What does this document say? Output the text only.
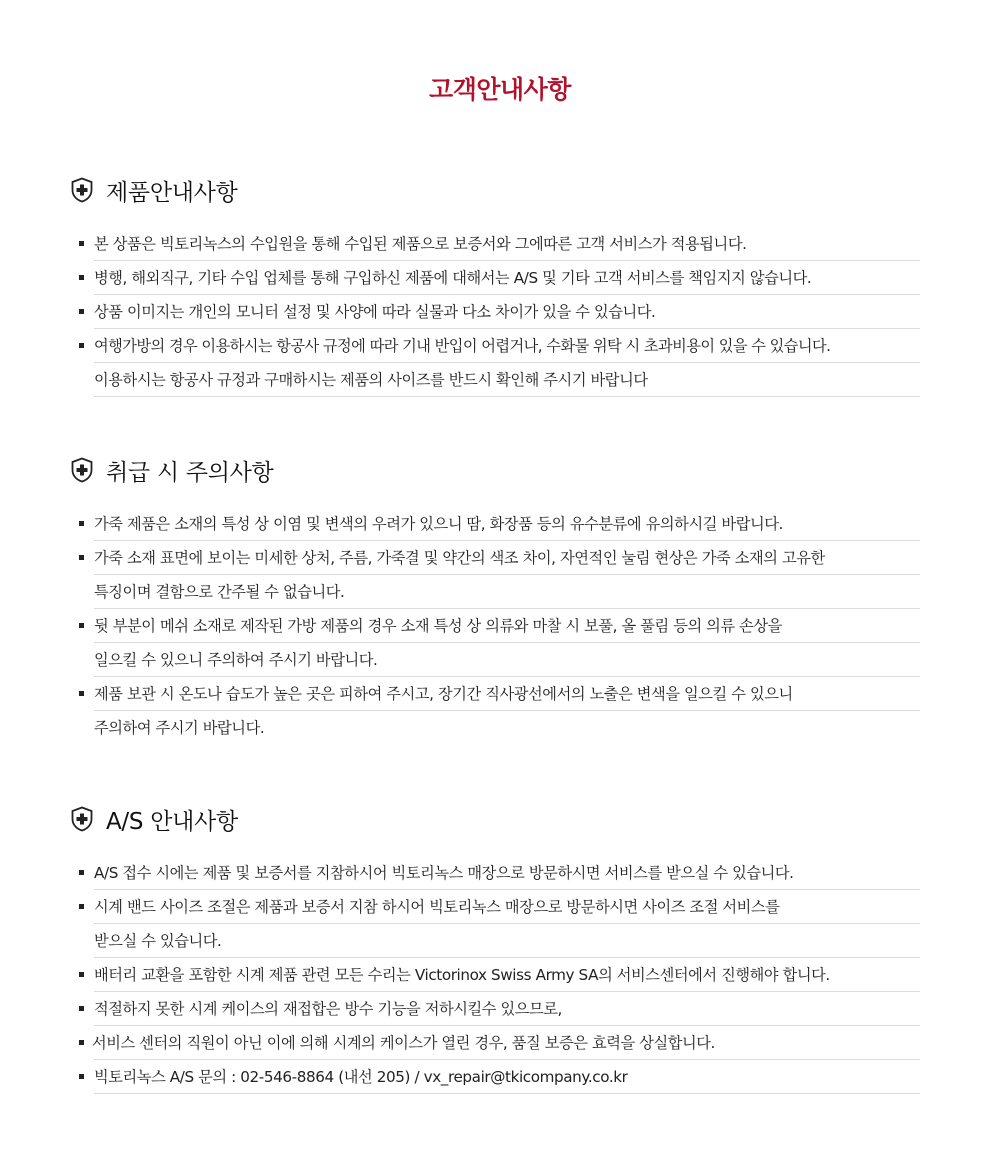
고객안내사항
제품안내사항
본 상품은 빅토리녹스의 수입원을 통해 수입된 제품으로 보증서와 그에따른 고객 서비스가 적용됩니다.
병행, 해외직구, 기타 수입 업체를 통해 구입하신 제품에 대해서는 A/S 및 기타 고객 서비스를 책임지지 않습니다.
상품 이미지는 개인의 모니터 설정 및 사양에 따라 실물과 다소 차이가 있을 수 있습니다.
여행가방의 경우 이용하시는 항공사 규정에 따라 기내 반입이 어렵거나, 수화물 위탁 시 초과비용이 있을 수 있습니다.
이용하시는 항공사 규정과 구매하시는 제품의 사이즈를 반드시 확인해 주시기 바랍니다
취급 시 주의사항
가죽 제품은 소재의 특성 상 이염 및 변색의 우려가 있으니 땀, 화장품 등의 유수분류에 유의하시길 바랍니다.
가죽 소재 표면에 보이는 미세한 상처, 주름, 가죽결 및 약간의 색조 차이, 자연적인 눌림 현상은 가죽 소재의 고유한
특징이며 결함으로 간주될 수 없습니다.
뒷 부분이 메쉬 소재로 제작된 가방 제품의 경우 소재 특성 상 의류와 마찰 시 보풀, 올 풀림 등의 의류 손상을
일으킬 수 있으니 주의하여 주시기 바랍니다.
제품 보관 시 온도나 습도가 높은 곳은 피하여 주시고, 장기간 직사광선에서의 노출은 변색을 일으킬 수 있으니
주의하여 주시기 바랍니다.
A/S 안내사항
A/S 접수 시에는 제품 및 보증서를 지참하시어 빅토리녹스 매장으로 방문하시면 서비스를 받으실 수 있습니다.
시계 밴드 사이즈 조절은 제품과 보증서 지참 하시어 빅토리녹스 매장으로 방문하시면 사이즈 조절 서비스를
받으실 수 있습니다.
배터리 교환을 포함한 시계 제품 관련 모든 수리는 Victorinox Swiss Army SA의 서비스센터에서 진행해야 합니다.
적절하지 못한 시계 케이스의 재접합은 방수 기능을 저하시킬수 있으므로,
서비스 센터의 직원이 아닌 이에 의해 시계의 케이스가 열린 경우, 품질 보증은 효력을 상실합니다.
빅토리녹스 A/S 문의 : 02-546-8864 (내선 205) / vx_repair@tkicompany.co.kr
